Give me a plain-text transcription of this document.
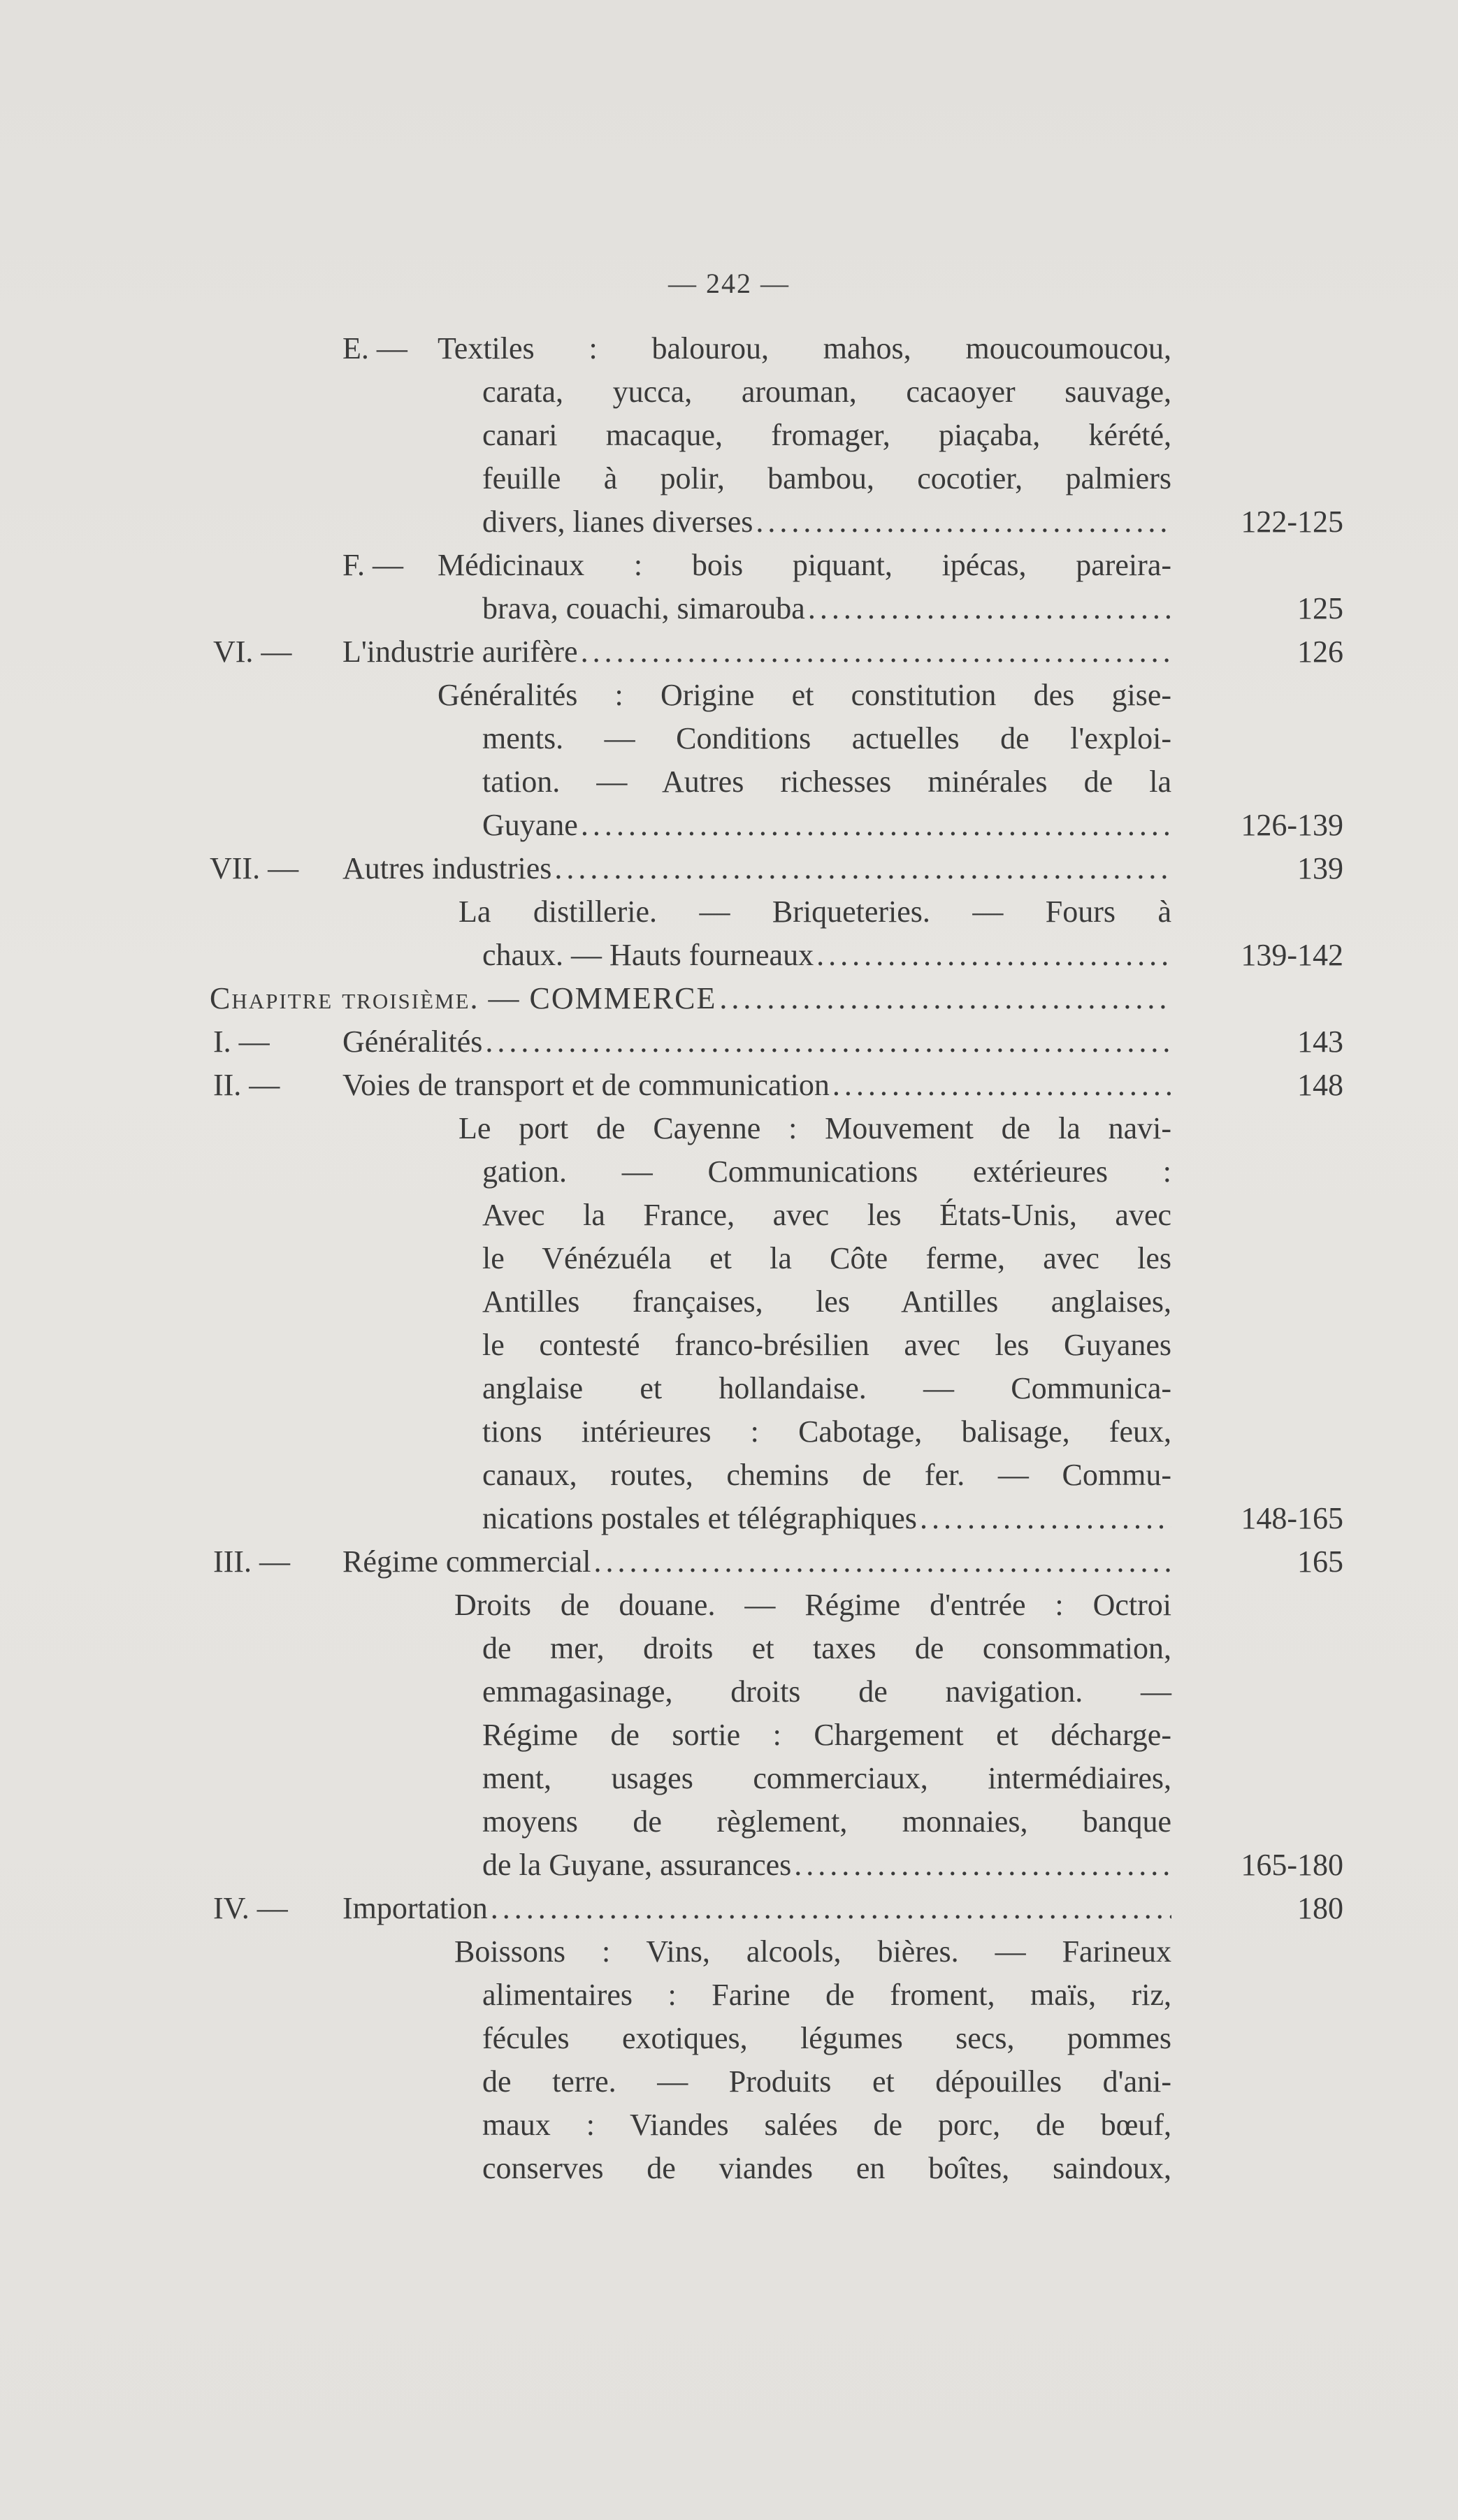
— 242 —
E. — Textiles : balourou, mahos, moucoumoucou,
carata, yucca, arouman, cacaoyer sauvage,
canari macaque, fromager, piaçaba, kérété,
feuille à polir, bambou, cocotier, palmiers
divers, lianes diverses .....	122-125
F. — Médicinaux : bois piquant, ipécas, pareira-
brava, couachi, simarouba .....	125
VI. — L'industrie aurifère .....	126
Généralités : Origine et constitution des gise-
ments. — Conditions actuelles de l'exploi-
tation. — Autres richesses minérales de la
Guyane .....	126-139
VII. — Autres industries .....	139
La distillerie. — Briqueteries. — Fours à
chaux. — Hauts fourneaux .....	139-142
Chapitre troisième. — COMMERCE
.....
I. — Généralités .....	143
II. — Voies de transport et de communication .....	148
Le port de Cayenne : Mouvement de la navi-
gation. — Communications extérieures :
Avec la France, avec les États-Unis, avec
le Vénézuéla et la Côte ferme, avec les
Antilles françaises, les Antilles anglaises,
le contesté franco-brésilien avec les Guyanes
anglaise et hollandaise. — Communica-
tions intérieures : Cabotage, balisage, feux,
canaux, routes, chemins de fer. — Commu-
nications postales et télégraphiques .....	148-165
III. — Régime commercial .....	165
Droits de douane. — Régime d'entrée : Octroi
de mer, droits et taxes de consommation,
emmagasinage, droits de navigation. —
Régime de sortie : Chargement et décharge-
ment, usages commerciaux, intermédiaires,
moyens de règlement, monnaies, banque
de la Guyane, assurances .....	165-180
IV. — Importation .....	180
Boissons : Vins, alcools, bières. — Farineux
alimentaires : Farine de froment, maïs, riz,
fécules exotiques, légumes secs, pommes
de terre. — Produits et dépouilles d'ani-
maux : Viandes salées de porc, de bœuf,
conserves de viandes en boîtes, saindoux,
